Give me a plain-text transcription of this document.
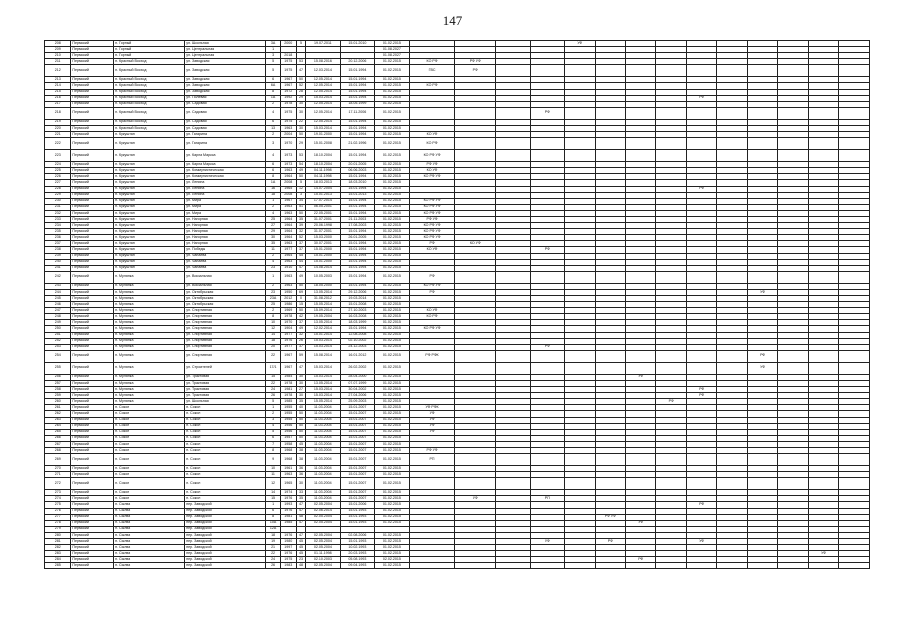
147
208	Пермский	п. Горный	ул. Школьная	3А	2000	5	19.07.2011	15.01.2010	01.02.2015					УФ									
209	Пермский	п. Горный	ул. Центральная	1					01.08.2027														
210	Пермский	п. Горный	ул. Центральная	3	2018				01.08.2027														
211	Пермский	п. Красный Восход	ул. Заводская	5	1975	53	15.08.2016	20.12.2006	01.02.2015	КО РФ	РФ УФ												
212	Пермский	п. Красный Восход	ул. Заводская	5	1975	47	12.03.2014	15.01.1994	01.02.2015	ГВС	РФ												
213	Пермский	п. Красный Восход	ул. Заводская	6	1967	50	12.05.2014	15.01.1994	01.02.2015														
214	Пермский	п. Красный Восход	ул. Заводская	6А	1967	52	12.05.2014	15.01.1994	01.02.2015	КО РФ													
215	Пермский	п. Красный Восход	ул. Заводская	8	1972	28	12.05.2014	15.01.1994	01.02.2015														
216	Пермский	п. Красный Восход	ул. Полевая	1А	1992	29	15.03.2014	15.01.1994	01.02.2015									РФ					
217	Пермский	п. Красный Восход	ул. Садовая	2	1978	30	12.05.2014	18.05.1999	01.02.2015														
218	Пермский	п. Красный Восход	ул. Садовая	4	1975	30	12.05.2014	17.11.2006	01.02.2015				РФ										
219	Пермский	п. Красный Восход	ул. Садовая	6	1975	22	12.05.2014	15.01.1994	01.02.2015														
220	Пермский	п. Красный Восход	ул. Садовая	13	1963	30	15.03.2014	15.01.1994	01.02.2015														
221	Пермский	п. Кукуштан	ул. Гагарина	2	2004	50	19.01.2000	15.01.1994	01.02.2015	КО УФ													
222	Пермский	п. Кукуштан	ул. Гагарина	3	1970	29	15.01.2008	21.02.1996	01.02.2015	КО РФ													
223	Пермский	п. Кукуштан	ул. Карла Маркса	4	1973	53	18.10.2004	15.01.1994	01.02.2015	КО РФ УФ													
224	Пермский	п. Кукуштан	ул. Карла Маркса	6	1973	54	18.10.2004	20.01.2005	01.02.2015	РФ УФ													
225	Пермский	п. Кукуштан	ул. Коммунистическая	6	1963	49	04.11.1998	06.06.2003	01.02.2015	КО УФ													
226	Пермский	п. Кукуштан	ул. Коммунистическая	8	1964	50	04.11.1998	15.01.1994	01.02.2015	КО РФ УФ													
227	Пермский	п. Кукуштан	ул. Ленина	1А	2008	5	18.03.2013	18.03.2010	01.02.2015														
228	Пермский	п. Кукуштан	ул. Ленина	16	1965	12	14.07.2004	15.01.1994	01.02.2015									РФ					
229	Пермский	п. Кукуштан	ул. Ленина	18	2008	3	15.01.2013	15.01.2013	01.02.2015														
230	Пермский	п. Кукуштан	ул. Мира	1	1967	34	17.07.2014	15.01.1994	01.02.2015	КО РФ УФ													
231	Пермский	п. Кукуштан	ул. Мира	2	1963	51	06.05.2001	15.01.1994	01.02.2015	КО РФ УФ													
232	Пермский	п. Кукуштан	ул. Мира	4	1963	50	22.05.2001	15.01.1994	01.02.2015	КО РФ УФ													
233	Пермский	п. Кукуштан	ул. Нагорная	25	1964	35	31.07.2001	21.11.2003	01.02.2015	РФ УФ													
234	Пермский	п. Кукуштан	ул. Нагорная	27	1964	39	20.06.1998	17.08.2003	01.02.2015	КО РФ УФ													
235	Пермский	п. Кукуштан	ул. Нагорная	29	1964	32	31.07.2001	15.01.1994	01.02.2015	КО РФ УФ													
236	Пермский	п. Кукуштан	ул. Нагорная	30	1964	52	15.03.2000	26.01.2005	01.02.2015	КО РФ УФ													
237	Пермский	п. Кукуштан	ул. Нагорная	35	1963	37	30.07.2001	15.01.1994	01.02.2015	РФ	КО УФ												
238	Пермский	п. Кукуштан	ул. Победы	11	1977	37	15.01.2000	15.01.1994	01.02.2015	КО УФ			РФ										
239	Пермский	п. Кукуштан	ул. Чапаева	2	1964	45	15.01.2000	15.01.1994	01.02.2015														
240	Пермский	п. Кукуштан	ул. Чапаева	4	1963	44	15.01.2000	15.01.1994	01.02.2015														
241	Пермский	п. Кукуштан	ул. Чапаева	23	1910	47	14.08.2014	15.01.1994	01.02.2015														
242	Пермский	п. Мулянка	ул. Вокзальная	1	1963	49	10.05.2003	15.01.1994	01.02.2015	РФ													
243	Пермский	п. Мулянка	ул. Вокзальная	2	1963	50	18.05.2000	15.01.1994	01.02.2015	КО РФ УФ													
244	Пермский	п. Мулянка	ул. Октябрьская	23	1950	69	13.05.2014	29.12.2006	01.02.2015	РФ										УФ			
245	Пермский	п. Мулянка	ул. Октябрьская	23А	2012	0	31.08.2012	19.03.2014	01.02.2015														
246	Пермский	п. Мулянка	ул. Октябрьская	25	1986	15	15.05.2014	15.01.2008	01.02.2015														
247	Пермский	п. Мулянка	ул. Спортивная	2	1969	50	15.09.2014	27.10.2003	01.02.2015	КО УФ													
248	Пермский	п. Мулянка	ул. Спортивная	8	1978	42	19.05.2004	16.03.2008	01.02.2015	КО РФ													
249	Пермский	п. Мулянка	ул. Спортивная	10	1970	37	13.05.2014	18.03.1999	01.02.2015														
250	Пермский	п. Мулянка	ул. Спортивная	12	1904	49	12.02.2014	15.01.1994	01.02.2015	КО РФ УФ													
251	Пермский	п. Мулянка	ул. Спортивная	14	1977	32	15.01.2014	12.08.2008	01.02.2015														
252	Пермский	п. Мулянка	ул. Спортивная	18	1976	26	15.03.2014	02.10.2002	01.02.2015														
253	Пермский	п. Мулянка	ул. Спортивная	20	1977	37	15.03.2014	24.12.2003	01.02.2015				РФ										
254	Пермский	п. Мулянка	ул. Спортивная	22	1967	59	15.08.2014	16.01.2012	01.02.2015	РФ РФК										РФ			
255	Пермский	п. Мулянка	ул. Строителей	17/1	1967	47	15.03.2014	26.02.2002	01.02.2015											УФ			
256	Пермский	п. Мулянка	ул. Трактовая	15	1984	30	15.03.2014	28.04.2000	01.02.2015							УФ							
257	Пермский	п. Мулянка	ул. Трактовая	22	1978	30	13.05.2014	07.07.1999	01.02.2015														
258	Пермский	п. Мулянка	ул. Трактовая	24	1981	27	15.03.2014	30.04.2002	01.02.2015									РФ					
259	Пермский	п. Мулянка	ул. Трактовая	26	1978	30	15.03.2014	27.04.2006	01.02.2015									РФ					
260	Пермский	п. Мулянка	ул. Школьная	5	1985	35	15.05.2014	25.09.2003	01.02.2015								РФ						
261	Пермский	п. Сокол	п. Сокол	1	1955	40	11.03.2004	15.01.2007	01.02.2015	УФ РФК													
262	Пермский	п. Сокол	п. Сокол	2	1955	50	11.03.2004	15.01.2007	01.02.2015	УФ													
263	Пермский	п. Сокол	п. Сокол	3	1955	50	11.03.2004	15.01.2007	01.02.2015	УФ													
264	Пермский	п. Сокол	п. Сокол	4	1956	50	11.03.2004	15.01.2007	01.02.2015	УФ													
265	Пермский	п. Сокол	п. Сокол	5	1956	50	11.03.2004	15.01.2007	01.02.2015	УФ													
266	Пермский	п. Сокол	п. Сокол	6	1957	50	11.03.2004	15.01.2007	01.02.2015														
267	Пермский	п. Сокол	п. Сокол	7	1958	45	11.03.2004	15.01.2007	01.02.2015														
268	Пермский	п. Сокол	п. Сокол	8	1968	38	11.03.2004	15.01.2007	01.02.2015	РФ УФ													
269	Пермский	п. Сокол	п. Сокол	9	1968	38	11.03.2004	15.01.2007	01.02.2015	РП													
270	Пермский	п. Сокол	п. Сокол	10	1961	36	11.03.2004	15.01.2007	01.02.2015														
271	Пермский	п. Сокол	п. Сокол	11	1963	36	11.03.2004	15.01.2007	01.02.2015														
272	Пермский	п. Сокол	п. Сокол	12	1965	30	11.03.2004	15.01.2007	01.02.2015														
273	Пермский	п. Сокол	п. Сокол	14	1974	33	11.03.2004	15.01.2007	01.02.2015														
274	Пермский	п. Сокол	п. Сокол	15	1976	35	11.03.2004	15.01.2007	01.02.2015		УФ		РП										
275	Пермский	п. Сылва	пер. Заводской	1	1993	47	02.05.2004	15.01.2006	01.02.2015									РФ					
276	Пермский	п. Сылва	пер. Заводской	6	1976	47	02.06.2014	15.01.1993	01.02.2015														
277	Пермский	п. Сылва	пер. Заводской	8	1981	48	02.05.2004	15.01.1993	01.02.2015						РФ УФ								
278	Пермский	п. Сылва	пер. Заводской	10А	1985	47	02.05.2004	15.01.1993	01.02.2015							УФ							
279	Пермский	п. Сылва	пер. Заводской	12А																			
280	Пермский	п. Сылва	пер. Заводской	18	1976	47	02.05.2004	02.08.2006	01.02.2015														
281	Пермский	п. Сылва	пер. Заводской	19	1980	45	02.05.2004	15.01.1993	01.02.2015				УФ		РФ			УФ					
282	Пермский	п. Сылва	пер. Заводской	21	1997	45	02.05.2004	10.02.1993	01.02.2015														
283	Пермский	п. Сылва	пер. Заводской	22	1976	45	01.11.1998	20.03.1993	01.02.2015													УФ	
284	Пермский	п. Сылва	пер. Заводской	24	1975	23	02.10.2003	05.08.1993	02.02.2015							РФ							
285	Пермский	п. Сылва	пер. Заводской	26	1983	48	02.05.2004	09.04.1993	01.02.2015														
